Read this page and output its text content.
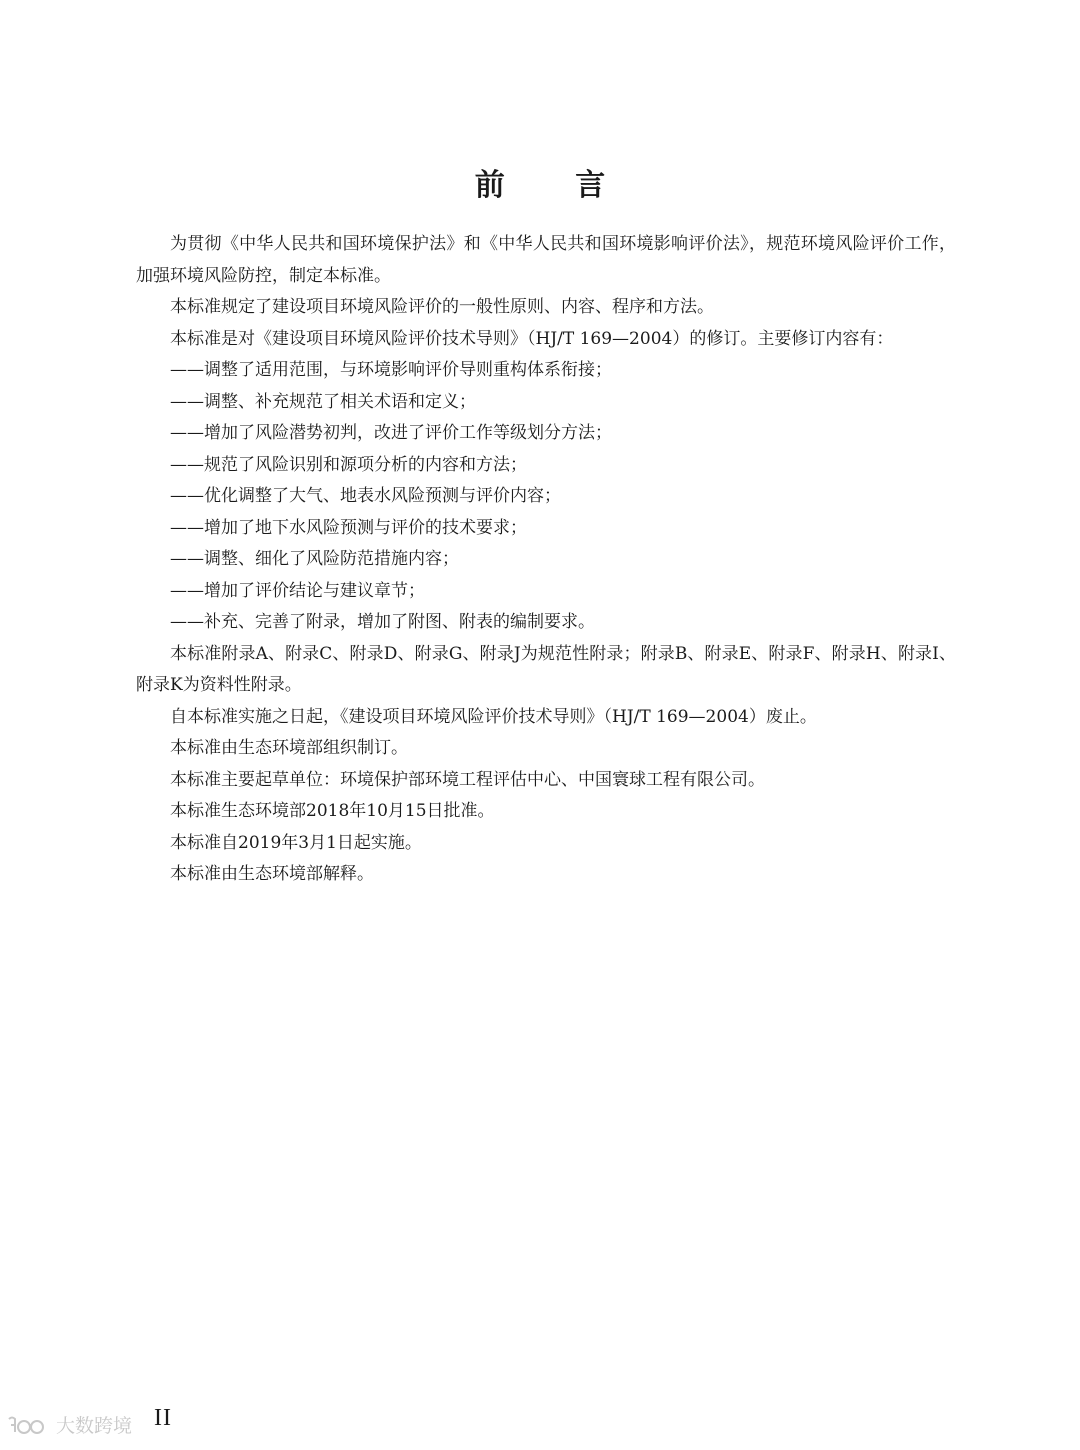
前 言

为贯彻《中华人民共和国环境保护法》和《中华人民共和国环境影响评价法》，规范环境风险评价工作，加强环境风险防控，制定本标准。

本标准规定了建设项目环境风险评价的一般性原则、内容、程序和方法。

本标准是对《建设项目环境风险评价技术导则》（HJ/T 169—2004）的修订。主要修订内容有：

——调整了适用范围，与环境影响评价导则重构体系衔接；

——调整、补充规范了相关术语和定义；

——增加了风险潜势初判，改进了评价工作等级划分方法；

——规范了风险识别和源项分析的内容和方法；

——优化调整了大气、地表水风险预测与评价内容；

——增加了地下水风险预测与评价的技术要求；

——调整、细化了风险防范措施内容；

——增加了评价结论与建议章节；

——补充、完善了附录，增加了附图、附表的编制要求。

本标准附录A、附录C、附录D、附录G、附录J为规范性附录；附录B、附录E、附录F、附录H、附录I、附录K为资料性附录。

自本标准实施之日起，《建设项目环境风险评价技术导则》（HJ/T 169—2004）废止。

本标准由生态环境部组织制订。

本标准主要起草单位：环境保护部环境工程评估中心、中国寰球工程有限公司。

本标准生态环境部2018年10月15日批准。

本标准自2019年3月1日起实施。

本标准由生态环境部解释。

大数跨境 II
